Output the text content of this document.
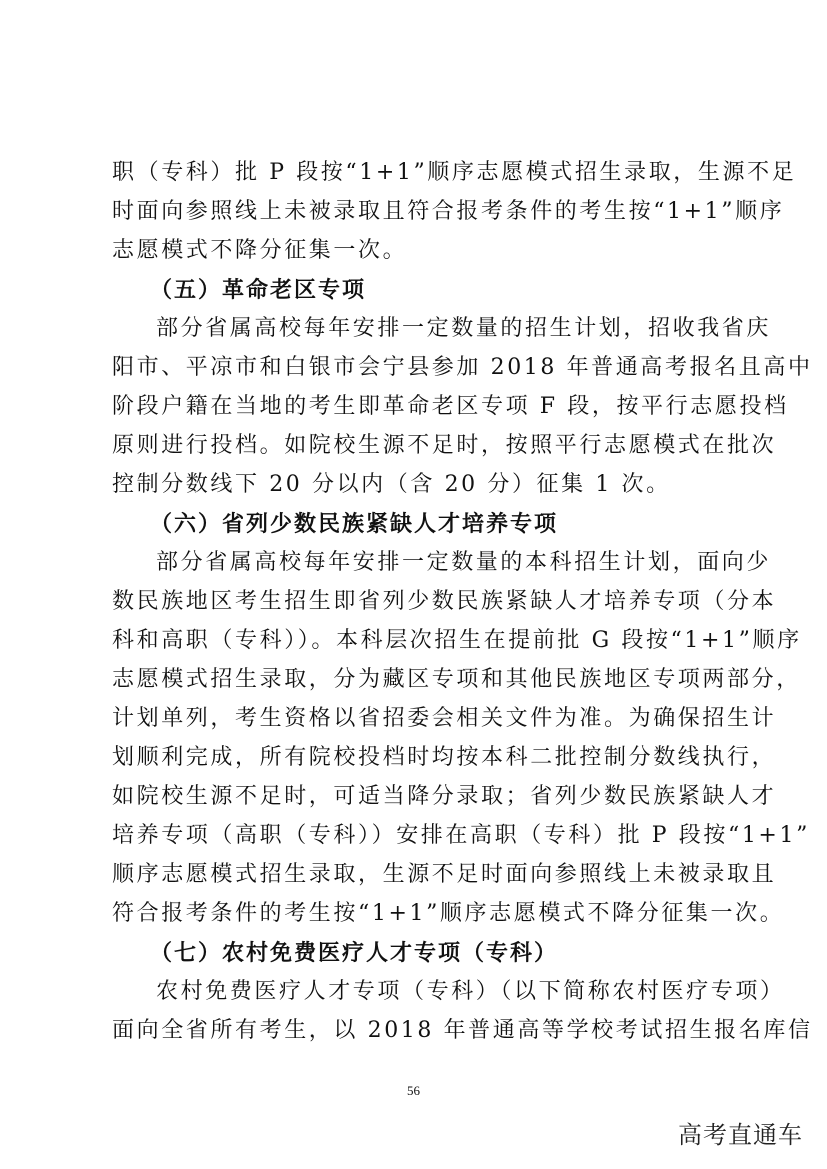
职（专科）批 P 段按“1+1”顺序志愿模式招生录取，生源不足
时面向参照线上未被录取且符合报考条件的考生按“1+1”顺序
志愿模式不降分征集一次。
（五）革命老区专项
部分省属高校每年安排一定数量的招生计划，招收我省庆
阳市、平凉市和白银市会宁县参加 2018 年普通高考报名且高中
阶段户籍在当地的考生即革命老区专项 F 段，按平行志愿投档
原则进行投档。如院校生源不足时，按照平行志愿模式在批次
控制分数线下 20 分以内（含 20 分）征集 1 次。
（六）省列少数民族紧缺人才培养专项
部分省属高校每年安排一定数量的本科招生计划，面向少
数民族地区考生招生即省列少数民族紧缺人才培养专项（分本
科和高职（专科））。本科层次招生在提前批 G 段按“1+1”顺序
志愿模式招生录取，分为藏区专项和其他民族地区专项两部分，
计划单列，考生资格以省招委会相关文件为准。为确保招生计
划顺利完成，所有院校投档时均按本科二批控制分数线执行，
如院校生源不足时，可适当降分录取；省列少数民族紧缺人才
培养专项（高职（专科））安排在高职（专科）批 P 段按“1+1”
顺序志愿模式招生录取，生源不足时面向参照线上未被录取且
符合报考条件的考生按“1+1”顺序志愿模式不降分征集一次。
（七）农村免费医疗人才专项（专科）
农村免费医疗人才专项（专科）（以下简称农村医疗专项）
面向全省所有考生，以 2018 年普通高等学校考试招生报名库信
56
高考直通车
